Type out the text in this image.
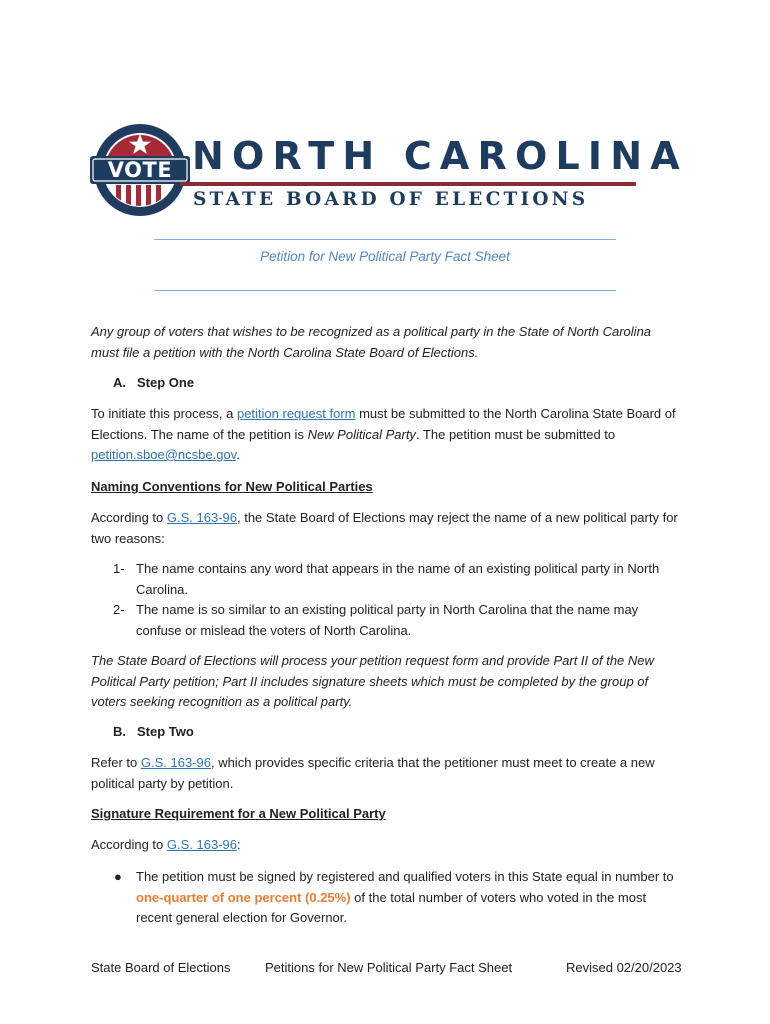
VOTE NORTH CAROLINA
STATE BOARD OF ELECTIONS
Petition for New Political Party Fact Sheet
Any group of voters that wishes to be recognized as a political party in the State of North Carolina must file a petition with the North Carolina State Board of Elections.
A. Step One
To initiate this process, a petition request form must be submitted to the North Carolina State Board of Elections. The name of the petition is New Political Party. The petition must be submitted to petition.sboe@ncsbe.gov.
Naming Conventions for New Political Parties
According to G.S. 163-96, the State Board of Elections may reject the name of a new political party for two reasons:
1- The name contains any word that appears in the name of an existing political party in North Carolina.
2- The name is so similar to an existing political party in North Carolina that the name may confuse or mislead the voters of North Carolina.
The State Board of Elections will process your petition request form and provide Part II of the New Political Party petition; Part II includes signature sheets which must be completed by the group of voters seeking recognition as a political party.
B. Step Two
Refer to G.S. 163-96, which provides specific criteria that the petitioner must meet to create a new political party by petition.
Signature Requirement for a New Political Party
According to G.S. 163-96:
● The petition must be signed by registered and qualified voters in this State equal in number to one-quarter of one percent (0.25%) of the total number of voters who voted in the most recent general election for Governor.
State Board of Elections	Petitions for New Political Party Fact Sheet	Revised 02/20/2023
